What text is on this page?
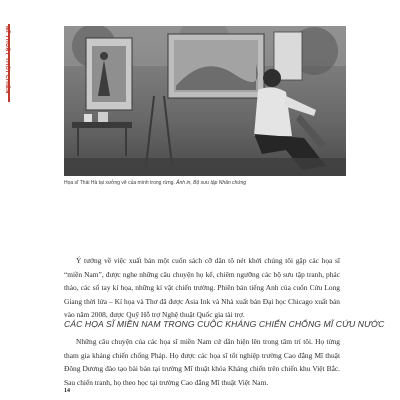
MĨ THUẬT THỜI CHIẾN
Họa sĩ Thái Hà tại xưởng vẽ của mình trong rừng. Ảnh in, Bộ sưu tập Nhân chứng

Ý tưởng về việc xuất bản một cuốn sách cỡ dân tô nét khởi chúng tôi gặp các họa sĩ “miền Nam”, được nghe những câu chuyện họ kể, chiêm ngưỡng các bộ sưu tập tranh, phác thảo, các sổ tay kí họa, những kí vật chiến trường. Phiên bản tiếng Anh của cuốn Cửu Long Giang thời lửa – Kí họa và Thơ đã được Asia Ink và Nhà xuất bản Đại học Chicago xuất bản vào năm 2008, được Quỹ Hỗ trợ Nghệ thuật Quốc gia tài trợ.

CÁC HỌA SĨ MIỀN NAM TRONG CUỘC KHÁNG CHIẾN CHỐNG MĨ CỨU NƯỚC

Những câu chuyện của các họa sĩ miền Nam cứ dần hiện lên trong tâm trí tôi. Họ từng tham gia kháng chiến chống Pháp. Họ được các họa sĩ tốt nghiệp trường Cao đẳng Mĩ thuật Đông Dương đào tạo bài bản tại trường Mĩ thuật khóa Kháng chiến trên chiến khu Việt Bắc. Sau chiến tranh, họ theo học tại trường Cao đẳng Mĩ thuật Việt Nam.

14
